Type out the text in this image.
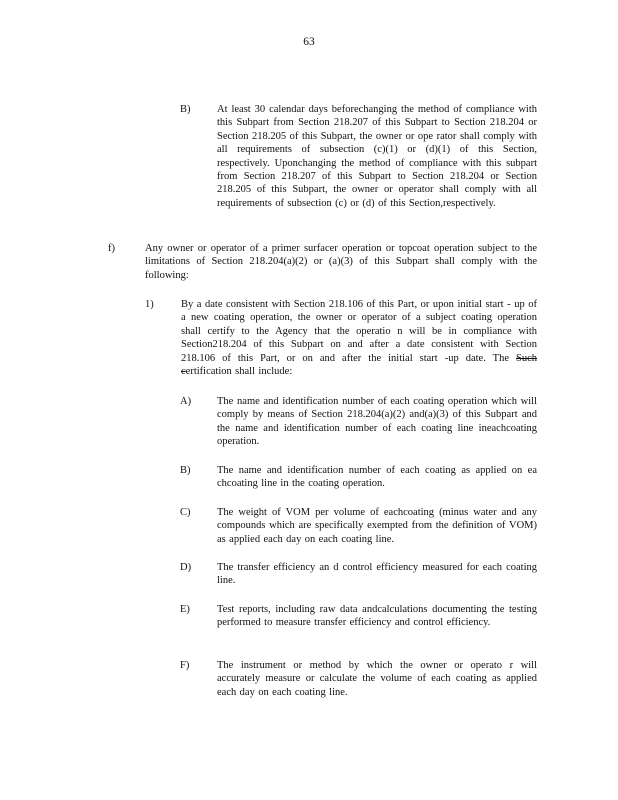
63
B)	At least 30 calendar days beforechanging the method of compliance with this Subpart from Section 218.207 of this Subpart to Section 218.204 or Section 218.205 of this Subpart, the owner or ope rator shall comply with all requirements of subsection (c)(1) or (d)(1) of this Section, respectively. Uponchanging the method of compliance with this subpart from Section 218.207 of this Subpart to Section 218.204 or Section 218.205 of this Subpart, the owner or operator shall comply with all requirements of subsection (c) or (d) of this Section,respectively.
f)	Any owner or operator of a primer surfacer operation or topcoat operation subject to the limitations of Section 218.204(a)(2) or (a)(3) of this Subpart shall comply with the following:
1)	By a date consistent with Section 218.106 of this Part, or upon initial start - up of a new coating operation, the owner or operator of a subject coating operation shall certify to the Agency that the operatio n will be in compliance with Section218.204 of this Subpart on and after a date consistent with Section 218.106 of this Part, or on and after the initial start -up date. The Such certification shall include:
A) The name and identification number of each coating operation which will comply by means of Section 218.204(a)(2) and(a)(3) of this Subpart and the name and identification number of each coating line ineachcoating operation.
B)	The name and identification number of each coating as applied on ea chcoating line in the coating operation.
C)	The weight of VOM per volume of eachcoating (minus water and any compounds which are specifically exempted from the definition of VOM) as applied each day on each coating line.
D) The transfer efficiency an d control efficiency measured for each coating line.
E)	Test reports, including raw data andcalculations documenting the testing performed to measure transfer efficiency and control efficiency.
F)	The instrument or method by which the owner or operato r will accurately measure or calculate the volume of each coating as applied each day on each coating line.
